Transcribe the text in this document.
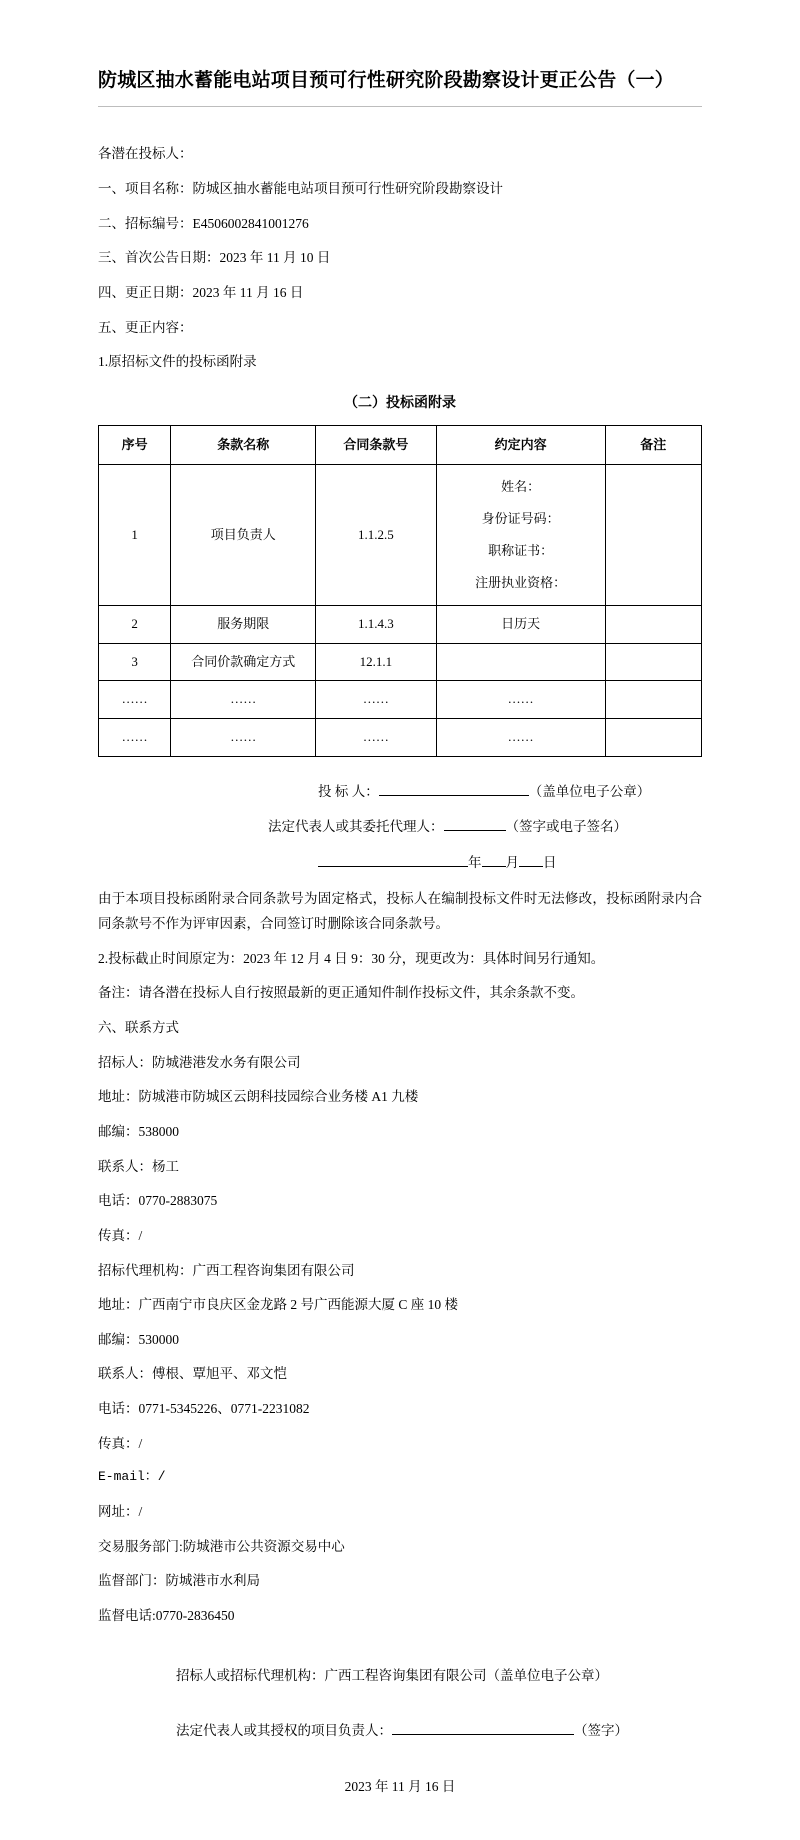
防城区抽水蓄能电站项目预可行性研究阶段勘察设计更正公告（一）

各潜在投标人：

一、项目名称：防城区抽水蓄能电站项目预可行性研究阶段勘察设计

二、招标编号：E4506002841001276

三、首次公告日期：2023 年 11 月 10 日

四、更正日期：2023 年 11 月 16 日

五、更正内容：

1.原招标文件的投标函附录

（二）投标函附录
序号	条款名称	合同条款号	约定内容	备注
1	项目负责人	1.1.2.5	姓名：
身份证号码：
职称证书：
注册执业资格：	

2	服务期限	1.1.4.3	日历天	
3	合同价款确定方式	12.1.1		
……	……	……	……	
……	……	……	……	
投 标 人：	（盖单位电子公章）
法定代表人或其委托代理人：	（签字或电子签名）
年 月 日

由于本项目投标函附录合同条款号为固定格式，投标人在编制投标文件时无法修改，投标函附录内合同条款号不作为评审因素，合同签订时删除该合同条款号。

2.投标截止时间原定为：2023 年 12 月 4 日 9：30 分，现更改为：具体时间另行通知。

备注：请各潜在投标人自行按照最新的更正通知件制作投标文件，其余条款不变。

六、联系方式

招标人：防城港港发水务有限公司

地址：防城港市防城区云朗科技园综合业务楼 A1 九楼

邮编：538000

联系人：杨工

电话：0770-2883075

传真：/

招标代理机构：广西工程咨询集团有限公司

地址：广西南宁市良庆区金龙路 2 号广西能源大厦 C 座 10 楼

邮编：530000

联系人：傅根、覃旭平、邓文恺

电话：0771-5345226、0771-2231082

传真：/

E-mail：/

网址：/

交易服务部门:防城港市公共资源交易中心

监督部门：防城港市水利局

监督电话:0770-2836450

招标人或招标代理机构：广西工程咨询集团有限公司（盖单位电子公章）
法定代表人或其授权的项目负责人：	（签字）
2023 年 11 月 16 日
